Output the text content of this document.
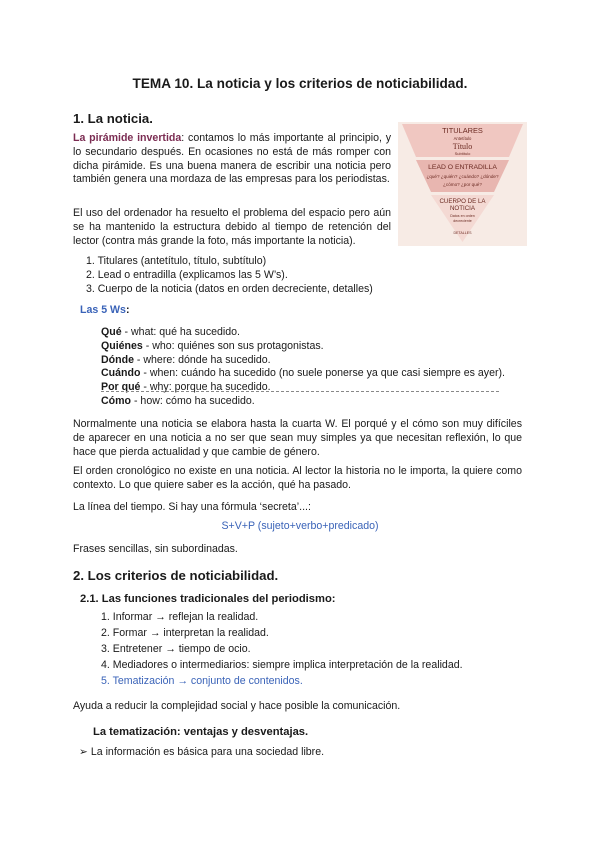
TEMA 10. La noticia y los criterios de noticiabilidad.
1. La noticia.

La pirámide invertida: contamos lo más importante al principio, y lo secundario después. En ocasiones no está de más romper con dicha pirámide. Es una buena manera de escribir una noticia pero también genera una mordaza de las empresas para los periodistas.

El uso del ordenador ha resuelto el problema del espacio pero aún se ha mantenido la estructura debido al tiempo de retención del lector (contra más grande la foto, más importante la noticia).

TITULARES
Antetítulo
Título
Subtítulo
LEAD O ENTRADILLA
¿qué? ¿quién? ¿cuándo? ¿dónde?
¿cómo? ¿por qué?
CUERPO DE LA
NOTICIA
Datos en orden
decreciente
DETALLES
1. Titulares (antetítulo, título, subtítulo)
2. Lead o entradilla (explicamos las 5 W’s).
3. Cuerpo de la noticia (datos en orden decreciente, detalles)
Las 5 Ws:
Qué - what: qué ha sucedido.
Quiénes - who: quiénes son sus protagonistas.
Dónde - where: dónde ha sucedido.
Cuándo - when: cuándo ha sucedido (no suele ponerse ya que casi siempre es ayer).
Por qué - why: porque ha sucedido.
Cómo - how: cómo ha sucedido.

Normalmente una noticia se elabora hasta la cuarta W. El porqué y el cómo son muy difíciles de aparecer en una noticia a no ser que sean muy simples ya que necesitan reflexión, lo que hace que pierda actualidad y que cambie de género.

El orden cronológico no existe en una noticia. Al lector la historia no le importa, la quiere como contexto. Lo que quiere saber es la acción, qué ha pasado.

La línea del tiempo. Si hay una fórmula ‘secreta’...:

S+V+P (sujeto+verbo+predicado)

Frases sencillas, sin subordinadas.

2. Los criterios de noticiabilidad.
2.1. Las funciones tradicionales del periodismo:
1. Informar → reflejan la realidad.
2. Formar → interpretan la realidad.
3. Entretener → tiempo de ocio.
4. Mediadores o intermediarios: siempre implica interpretación de la realidad.
5. Tematización → conjunto de contenidos.

Ayuda a reducir la complejidad social y hace posible la comunicación.

La tematización: ventajas y desventajas.
➢ La información es básica para una sociedad libre.
